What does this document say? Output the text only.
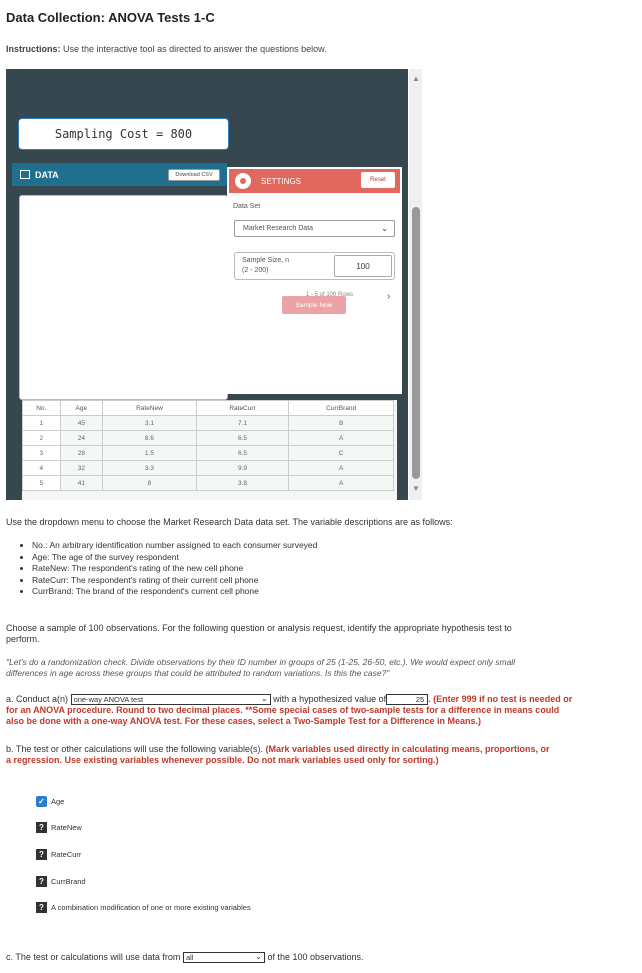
Data Collection: ANOVA Tests 1-C
Instructions: Use the interactive tool as directed to answer the questions below.
Sampling Cost = 800
DATA	Download CSV
SETTINGS	Reset
Data Set
Market Research Data	⌄
Sample Size, n
(2 - 200)	100
Sample Now
1 - 5 of 100 Rows	›
No.	Age	RateNew	RateCurr	CurrBrand
1	45	3.1	7.1	B
2	24	8.6	6.5	A
3	28	1.5	6.5	C
4	32	3.3	9.9	A
5	41	8	3.8	A
▲
▼
Use the dropdown menu to choose the Market Research Data data set. The variable descriptions are as follows:
• No.: An arbitrary identification number assigned to each consumer surveyed
• Age: The age of the survey respondent
• RateNew: The respondent's rating of the new cell phone
• RateCurr: The respondent's rating of their current cell phone
• CurrBrand: The brand of the respondent's current cell phone
Choose a sample of 100 observations. For the following question or analysis request, identify the appropriate hypothesis test to
perform.
"Let's do a randomization check. Divide observations by their ID number in groups of 25 (1-25, 26-50, etc.). We would expect only small
differences in age across these groups that could be attributed to random variations. Is this the case?"
a. Conduct a(n) one-way ANOVA test	⌄ with a hypothesized value of	25 . (Enter 999 if no test is needed or
for an ANOVA procedure. Round to two decimal places. **Some special cases of two-sample tests for a difference in means could
also be done with a one-way ANOVA test. For these cases, select a Two-Sample Test for a Difference in Means.)
b. The test or other calculations will use the following variable(s). (Mark variables used directly in calculating means, proportions, or
a regression. Use existing variables whenever possible. Do not mark variables used only for sorting.)
✓ Age
? RateNew
? RateCurr
? CurrBrand
? A combination modification of one or more existing variables
c. The test or calculations will use data from all	⌄ of the 100 observations.
